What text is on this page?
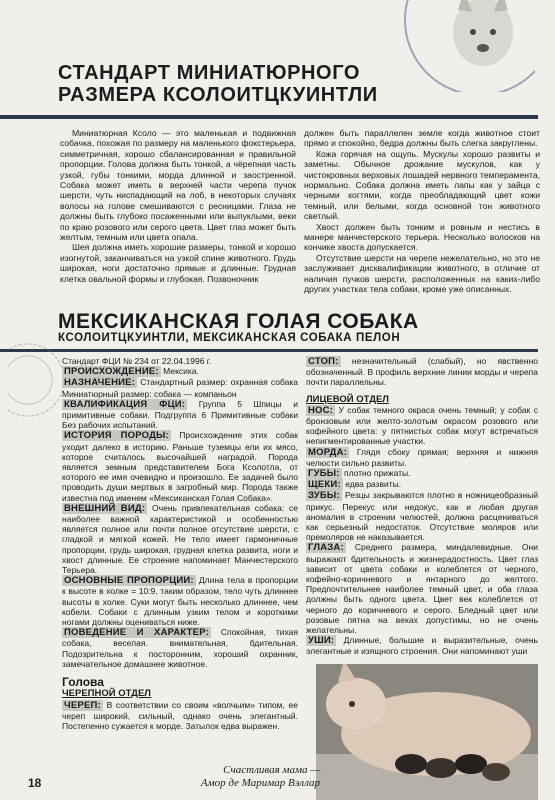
СТАНДАРТ МИНИАТЮРНОГО
РАЗМЕРА КСОЛОИТЦКУИНТЛИ

Миниатюрная Ксоло — это маленькая и подвижная собачка, похожая по размеру на маленького фокстерьера, симметричная, хорошо сбалансированная и правильной пропорции. Голова должна быть тонкой, а чёрепная часть узкой, губы тонкими, морда длинной и заостренной. Собака может иметь в верхней части черепа пучок шерсти, чуть ниспадающий на лоб, в некоторых случаях волосы на голове смешиваются с ресницами. Глаза не должны быть глубоко посаженными или выпуклыми, веки по краю розового или серого цвета. Цвет глаз может быть желтым, темным или цвета опала.

Шея должна иметь хорошие размеры, тонкой и хорошо изогнутой, заканчиваться на узкой спине животного. Грудь широкая, ноги достаточно прямые и длинные. Грудная клетка овальной формы и глубокая. Позвоночник

должен быть параллелен земле когда животное стоит прямо и спокойно, бедра должны быть слегка закруглены.

Кожа горячая на ощупь. Мускулы хорошо развиты и заметны. Обычное дрожание мускулов, как у чистокровных верховых лошадей нервного темперамента, нормально. Собака должна иметь лапы как у зайца с черными когтями, когда преобладающий цвет кожи темный, или белыми, когда основной тон животного светлый.

Хвост должен быть тонким и ровным и нестись в манере манчестерского терьера. Несколько волосков на кончике хвоста допускается.

Отсутствие шерсти на черепе нежелательно, но это не заслуживает дисквалификации животного, в отличие от наличия пучков шерсти, расположенных на каких-либо других участках тела собаки, кроме уже описанных.

МЕКСИКАНСКАЯ ГОЛАЯ СОБАКА
КСОЛОИТЦКУИНТЛИ, МЕКСИКАНСКАЯ СОБАКА ПЕЛОН
Стандарт ФЦИ № 234 от 22.04.1996 г.
ПРОИСХОЖДЕНИЕ: Мексика.
НАЗНАЧЕНИЕ: Стандартный размер: охранная собака Миниатюрный размер: собака — компаньон
КВАЛИФИКАЦИЯ ФЦИ: Группа 5 Шпицы и примитивные собаки. Подгруппа 6 Примитивные собаки Без рабочих испытаний.
ИСТОРИЯ ПОРОДЫ: Происхождение этих собак уходит далеко в историю. Раньше туземцы ели их мясо, которое считалось высочайшей наградой. Порода является земным представителем Бога Ксолотла, от которого ее имя очевидно и произошло. Ее задачей было проводить души мертвых в загробный мир. Порода также известна под именем «Мексиканская Голая Собака».
ВНЕШНИЙ ВИД: Очень привлекательная собака: се наиболее важной характеристикой и особенностью является полное или почти полное отсутствие шерсти, с гладкой и мягкой кожей. Не тело имеет гармоничные пропорции, грудь широкая, грудная клетка развита, ноги и хвост длинные. Ее строение напоминает Манчестерского Терьера.
ОСНОВНЫЕ ПРОПОРЦИИ: Длина тела в пропорции к высоте в холке = 10:9, таким образом, тело чуть длиннее высоты в холке. Суки могут быть несколько длиннее, чем кобели. Собаки с длинным узким телом и короткими ногами должны оцениваться ниже.
ПОВЕДЕНИЕ И ХАРАКТЕР: Спокойная, тихая собака, веселая. внимательная, бдительная. Подозрительна к посторонним, хороший охранник, замечательное домашнее животное.
Голова
ЧЕРЕПНОЙ ОТДЕЛ
ЧЕРЕП: В соответствии со своим «волчьим» типом, ее череп широкий, сильный, однако очень элегантный. Постепенно сужается к морде. Затылок едва выражен.
СТОП: незначительный (слабый), но явственно обозначенный. В профиль верхние линии морды и черепа почти параллельны.
ЛИЦЕВОЙ ОТДЕЛ
НОС: У собак темного окраса очень темный; у собак с бронзовым или желто-золотым окрасом розового или кофейного цвета: у пятнистых собак могут встречаться непигментированные участки.
МОРДА: Глядя сбоку прямая; верхняя и нижняя челюсти сильно развиты.
ГУБЫ: плотно прижаты.
ЩЕКИ: едва развиты.
ЗУБЫ: Резцы закрываются плотно в ножницеобразный прикус. Перекус или недокус, как и любая другая аномалия в строении челюстей, должна расцениваться как серьезный недостаток. Отсутствие моляров или премоляров не наказывается.
ГЛАЗА: Среднего размера, миндалевидные. Они выражают бдительность и жизнерадостность. Цвет глаз зависит от цвета собаки и колеблется от черного, кофейно-коричневого и янтарного до желтого. Предпочтительнее наиболее темный цвет, и оба глаза должны быть одного цвета. Цвет век колеблется от черного до коричневого и серого. Бледный цвет или розовые пятна на веках допустимы, но не очень желательны.
УШИ: Длинные, большие и выразительные, очень элегантные и изящного строения. Они напоминают уши
Счастливая мама —
Амор де Маримар Вэллар
18
